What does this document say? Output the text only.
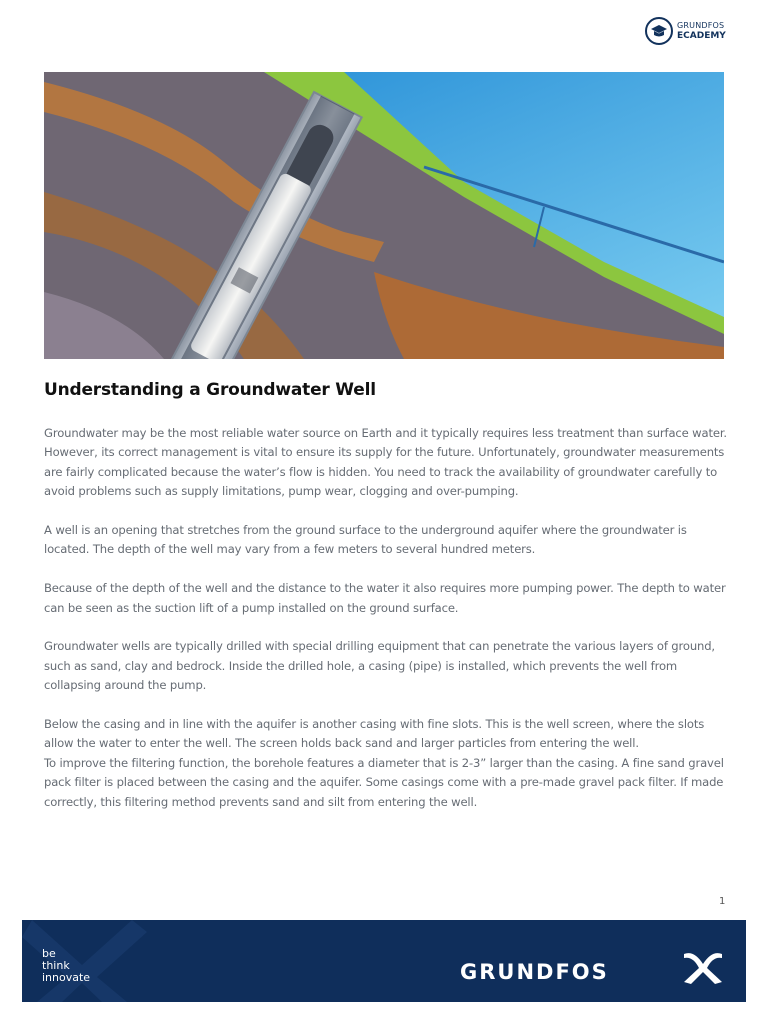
GRUNDFOS
ECADEMY
Understanding a Groundwater Well

Groundwater may be the most reliable water source on Earth and it typically requires less treatment than surface water. However, its correct management is vital to ensure its supply for the future. Unfortunately, groundwater measurements are fairly complicated because the water’s flow is hidden. You need to track the availability of groundwater carefully to avoid problems such as supply limitations, pump wear, clogging and over-pumping.

A well is an opening that stretches from the ground surface to the underground aquifer where the groundwater is located. The depth of the well may vary from a few meters to several hundred meters.

Because of the depth of the well and the distance to the water it also requires more pumping power. The depth to water can be seen as the suction lift of a pump installed on the ground surface.

Groundwater wells are typically drilled with special drilling equipment that can penetrate the various layers of ground, such as sand, clay and bedrock. Inside the drilled hole, a casing (pipe) is installed, which prevents the well from collapsing around the pump.

Below the casing and in line with the aquifer is another casing with fine slots. This is the well screen, where the slots allow the water to enter the well. The screen holds back sand and larger particles from entering the well.

To improve the filtering function, the borehole features a diameter that is 2-3” larger than the casing. A fine sand gravel pack filter is placed between the casing and the aquifer. Some casings come with a pre-made gravel pack filter. If made correctly, this filtering method prevents sand and silt from entering the well.

1
be
think
innovate	GRUNDFOS
